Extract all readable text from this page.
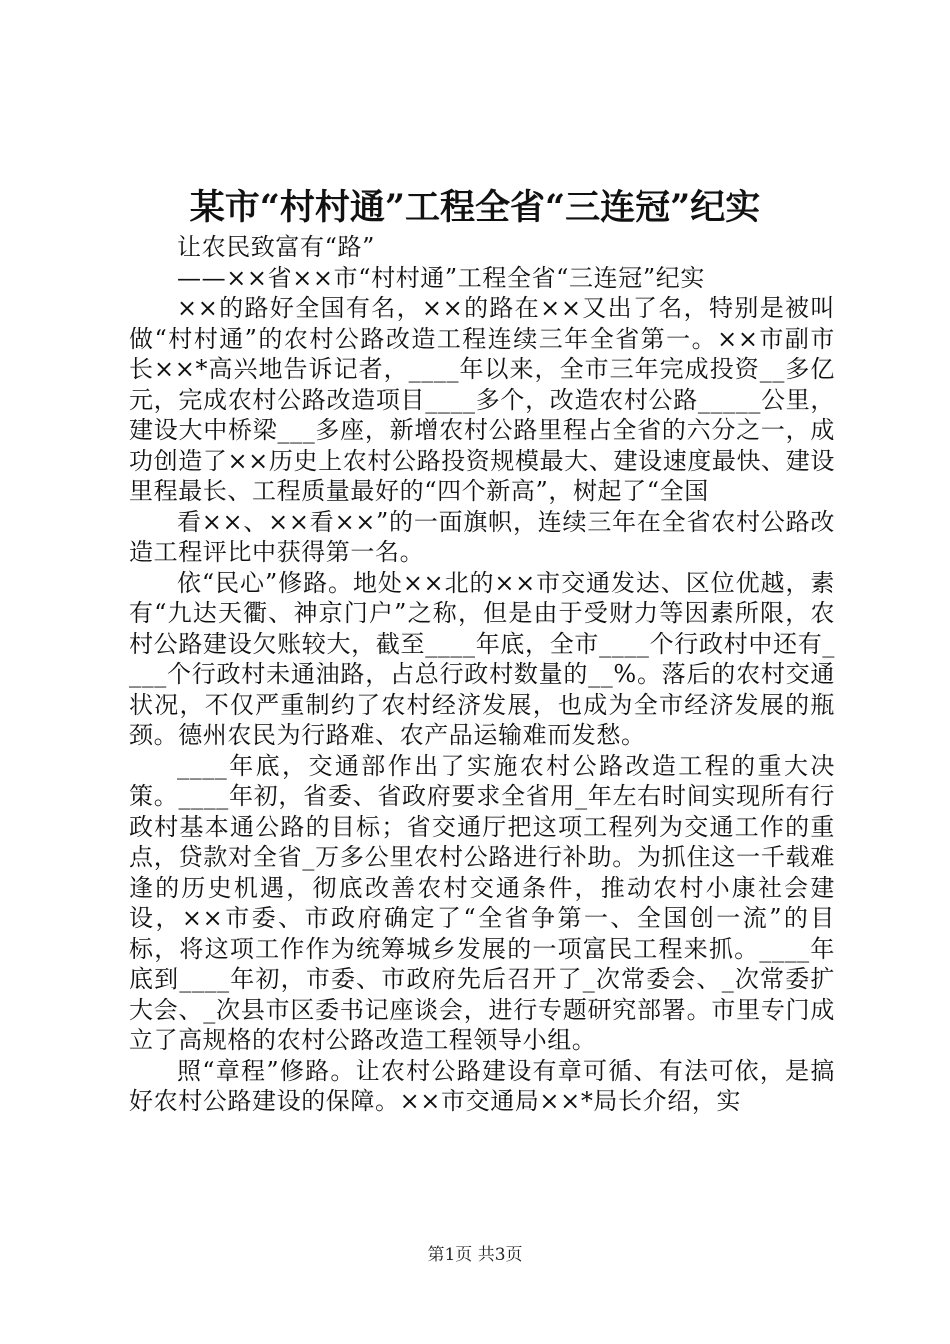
某市“村村通”工程全省“三连冠”纪实

让农民致富有“路”

——××省××市“村村通”工程全省“三连冠”纪实

××的路好全国有名，××的路在××又出了名，特别是被叫做“村村通”的农村公路改造工程连续三年全省第一。××市副市长××*高兴地告诉记者，____年以来，全市三年完成投资__多亿元，完成农村公路改造项目____多个，改造农村公路_____公里，建设大中桥梁___多座，新增农村公路里程占全省的六分之一，成功创造了××历史上农村公路投资规模最大、建设速度最快、建设里程最长、工程质量最好的“四个新高”，树起了“全国

看××、××看××”的一面旗帜，连续三年在全省农村公路改造工程评比中获得第一名。

依“民心”修路。地处××北的××市交通发达、区位优越，素有“九达天衢、神京门户”之称，但是由于受财力等因素所限，农村公路建设欠账较大，截至____年底，全市____个行政村中还有____个行政村未通油路，占总行政村数量的__%。落后的农村交通状况，不仅严重制约了农村经济发展，也成为全市经济发展的瓶颈。德州农民为行路难、农产品运输难而发愁。

____年底，交通部作出了实施农村公路改造工程的重大决策。____年初，省委、省政府要求全省用_年左右时间实现所有行政村基本通公路的目标；省交通厅把这项工程列为交通工作的重点，贷款对全省_万多公里农村公路进行补助。为抓住这一千载难逢的历史机遇，彻底改善农村交通条件，推动农村小康社会建设，××市委、市政府确定了“全省争第一、全国创一流”的目标，将这项工作作为统筹城乡发展的一项富民工程来抓。____年底到____年初，市委、市政府先后召开了_次常委会、_次常委扩大会、_次县市区委书记座谈会，进行专题研究部署。市里专门成立了高规格的农村公路改造工程领导小组。

照“章程”修路。让农村公路建设有章可循、有法可依，是搞好农村公路建设的保障。××市交通局××*局长介绍，实

第1页 共3页
